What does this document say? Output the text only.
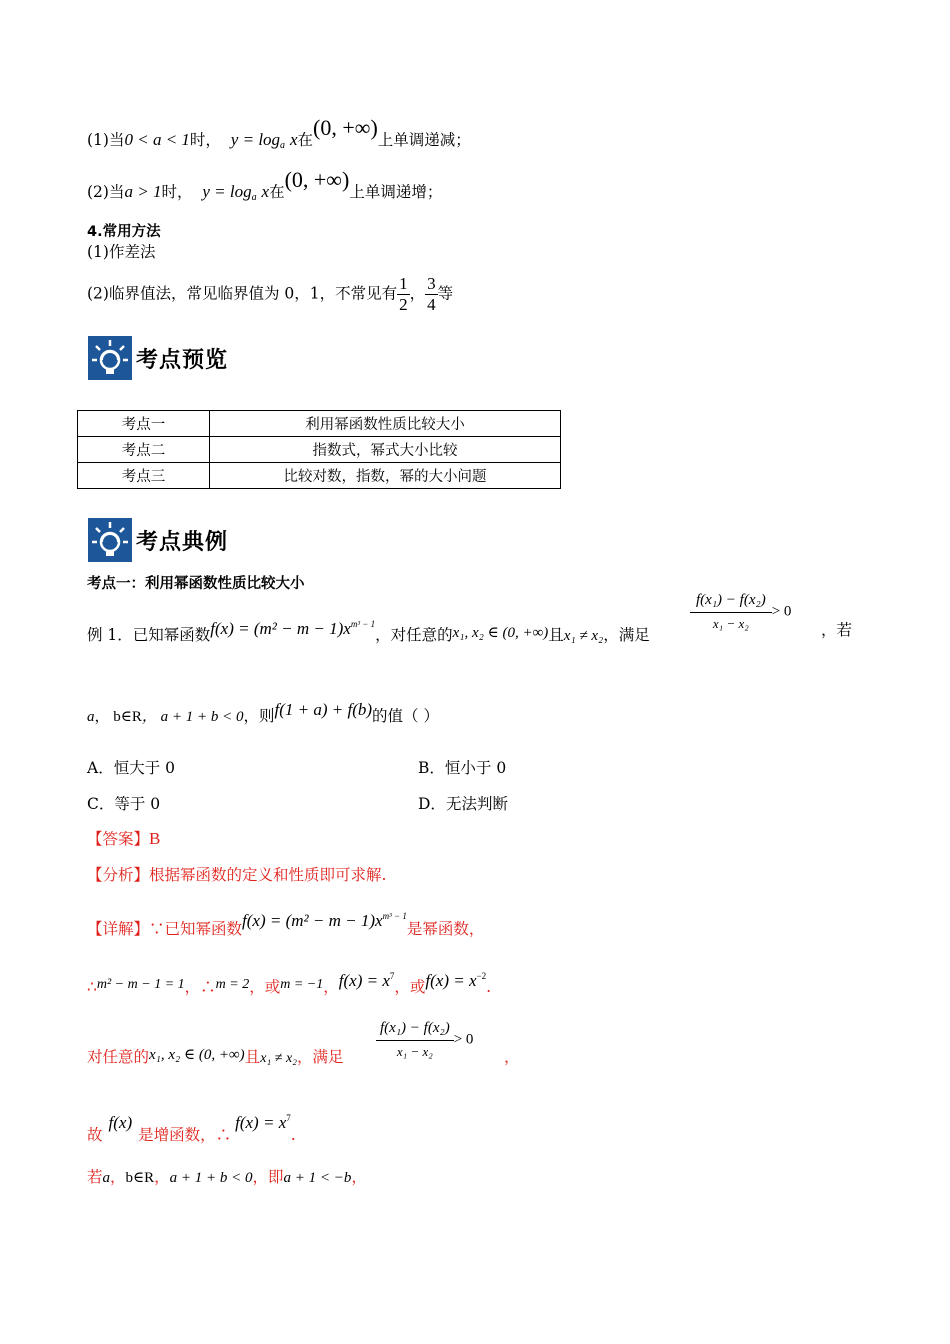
(1)当0 < a < 1时， $y = \log_a x$在(0, +∞)上单调递减；
(2)当a > 1时， $y = \log_a x$在(0, +∞)上单调递增；
4.常用方法
(1)作差法
(2)临界值法，常见临界值为 0，1，不常见有 $\frac{1}{2}$ ， $\frac{3}{4}$ 等
考点预览
考点一	利用幂函数性质比较大小
考点二	指数式，幂式大小比较
考点三	比较对数，指数，幂的大小问题
考点典例
考点一：利用幂函数性质比较大小
例 1．已知幂函数$f(x) = (m^2 - m - 1)x^{m^3 - 1}$，对任意的x₁, x₂ ∈ (0, +∞)且x₁ ≠ x₂，满足
$\frac{\text{f(x₁) − f(x₂)}}{\text{x₁ − x₂}} > 0$
，若
a， b∈R， a + 1 + b < 0，则f(1 + a) + f(b)的值（ ）
A．恒大于 0	B．恒小于 0
C．等于 0	D．无法判断
【答案】B
【分析】根据幂函数的定义和性质即可求解.
【详解】∵已知幂函数$f(x) = (m^2 - m - 1)x^{m^3 - 1}$是幂函数，
∴m² − m − 1 = 1，∴m = 2，或m = −1，$f(x) = x^7$，或$f(x) = x^{-2}$.
对任意的x₁, x₂ ∈ (0, +∞)且x₁ ≠ x₂，满足 $\frac{\text{f(x₁) − f(x₂)}}{\text{x₁ − x₂}} > 0$
，
故f(x)是增函数，∴f(x) = $x^7$.
若a，b∈R，a + 1 + b < 0，即a + 1 < −b，
